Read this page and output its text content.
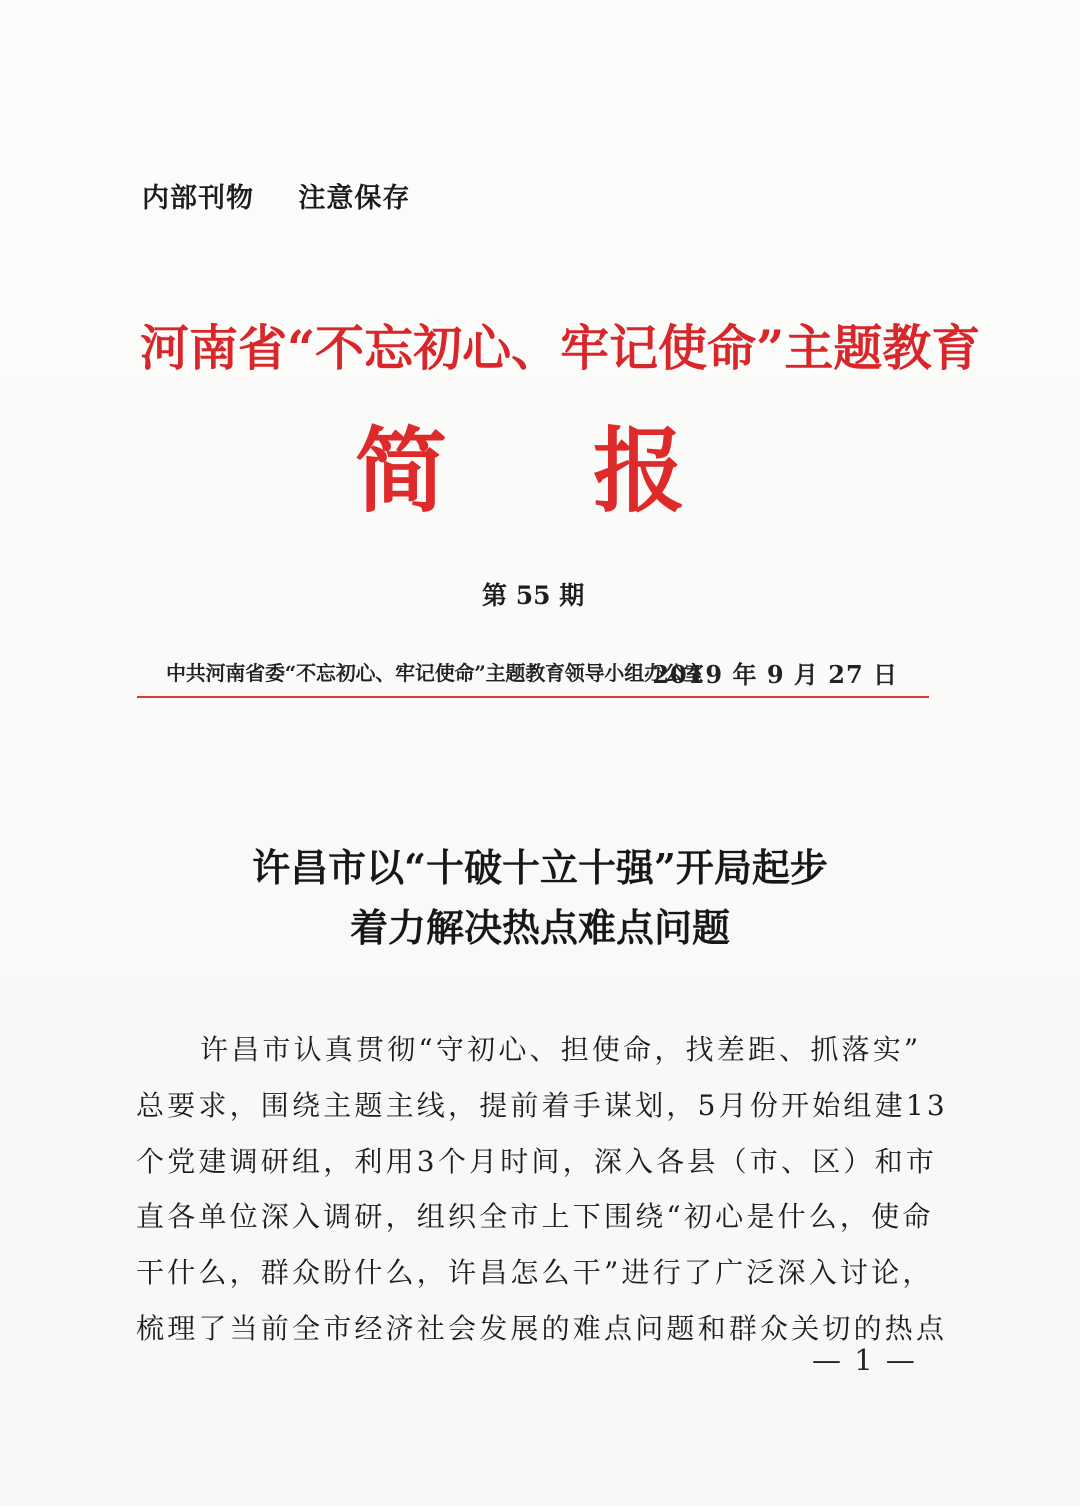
内部刊物 注意保存
河南省“不忘初心、牢记使命”主题教育
简 报
第 55 期
中共河南省委“不忘初心、牢记使命”主题教育领导小组办公室
2019 年 9 月 27 日
许昌市以“十破十立十强”开局起步
着力解决热点难点问题
许昌市认真贯彻“守初心、担使命，找差距、抓落实”
总要求，围绕主题主线，提前着手谋划，5月份开始组建13
个党建调研组，利用3个月时间，深入各县（市、区）和市
直各单位深入调研，组织全市上下围绕“初心是什么，使命
干什么，群众盼什么，许昌怎么干”进行了广泛深入讨论，
梳理了当前全市经济社会发展的难点问题和群众关切的热点
— 1 —
